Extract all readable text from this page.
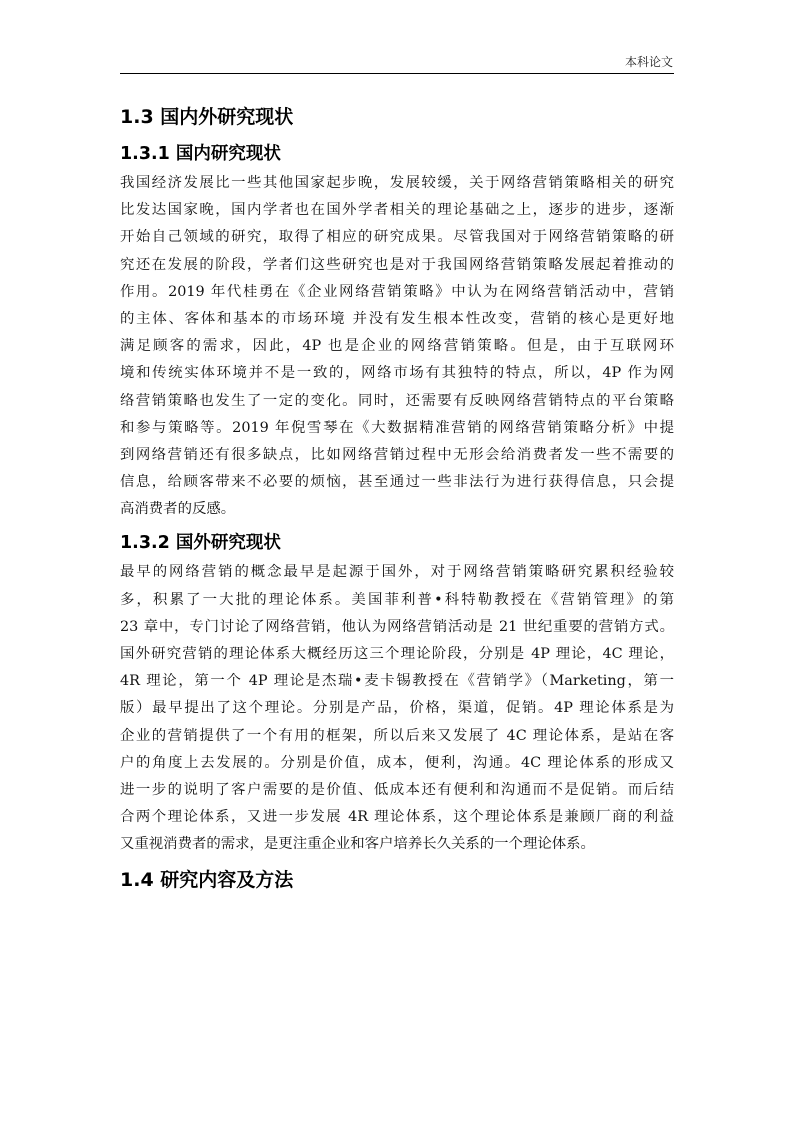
本科论文
1.3 国内外研究现状
1.3.1 国内研究现状
我国经济发展比一些其他国家起步晚，发展较缓，关于网络营销策略相关的研究
比发达国家晚，国内学者也在国外学者相关的理论基础之上，逐步的进步，逐渐
开始自己领域的研究，取得了相应的研究成果。尽管我国对于网络营销策略的研
究还在发展的阶段，学者们这些研究也是对于我国网络营销策略发展起着推动的
作用。2019 年代桂勇在《企业网络营销策略》中认为在网络营销活动中，营销
的主体、客体和基本的市场环境 并没有发生根本性改变，营销的核心是更好地
满足顾客的需求，因此，4P 也是企业的网络营销策略。但是，由于互联网环
境和传统实体环境并不是一致的，网络市场有其独特的特点，所以，4P 作为网
络营销策略也发生了一定的变化。同时，还需要有反映网络营销特点的平台策略
和参与策略等。2019 年倪雪琴在《大数据精准营销的网络营销策略分析》中提
到网络营销还有很多缺点，比如网络营销过程中无形会给消费者发一些不需要的
信息，给顾客带来不必要的烦恼，甚至通过一些非法行为进行获得信息，只会提
高消费者的反感。
1.3.2 国外研究现状
最早的网络营销的概念最早是起源于国外，对于网络营销策略研究累积经验较
多，积累了一大批的理论体系。美国菲利普•科特勒教授在《营销管理》的第
23 章中，专门讨论了网络营销，他认为网络营销活动是 21 世纪重要的营销方式。
国外研究营销的理论体系大概经历这三个理论阶段，分别是 4P 理论，4C 理论，
4R 理论，第一个 4P 理论是杰瑞•麦卡锡教授在《营销学》（Marketing，第一
版）最早提出了这个理论。分别是产品，价格，渠道，促销。4P 理论体系是为
企业的营销提供了一个有用的框架，所以后来又发展了 4C 理论体系，是站在客
户的角度上去发展的。分别是价值，成本，便利，沟通。4C 理论体系的形成又
进一步的说明了客户需要的是价值、低成本还有便利和沟通而不是促销。而后结
合两个理论体系，又进一步发展 4R 理论体系，这个理论体系是兼顾厂商的利益
又重视消费者的需求，是更注重企业和客户培养长久关系的一个理论体系。
1.4 研究内容及方法
